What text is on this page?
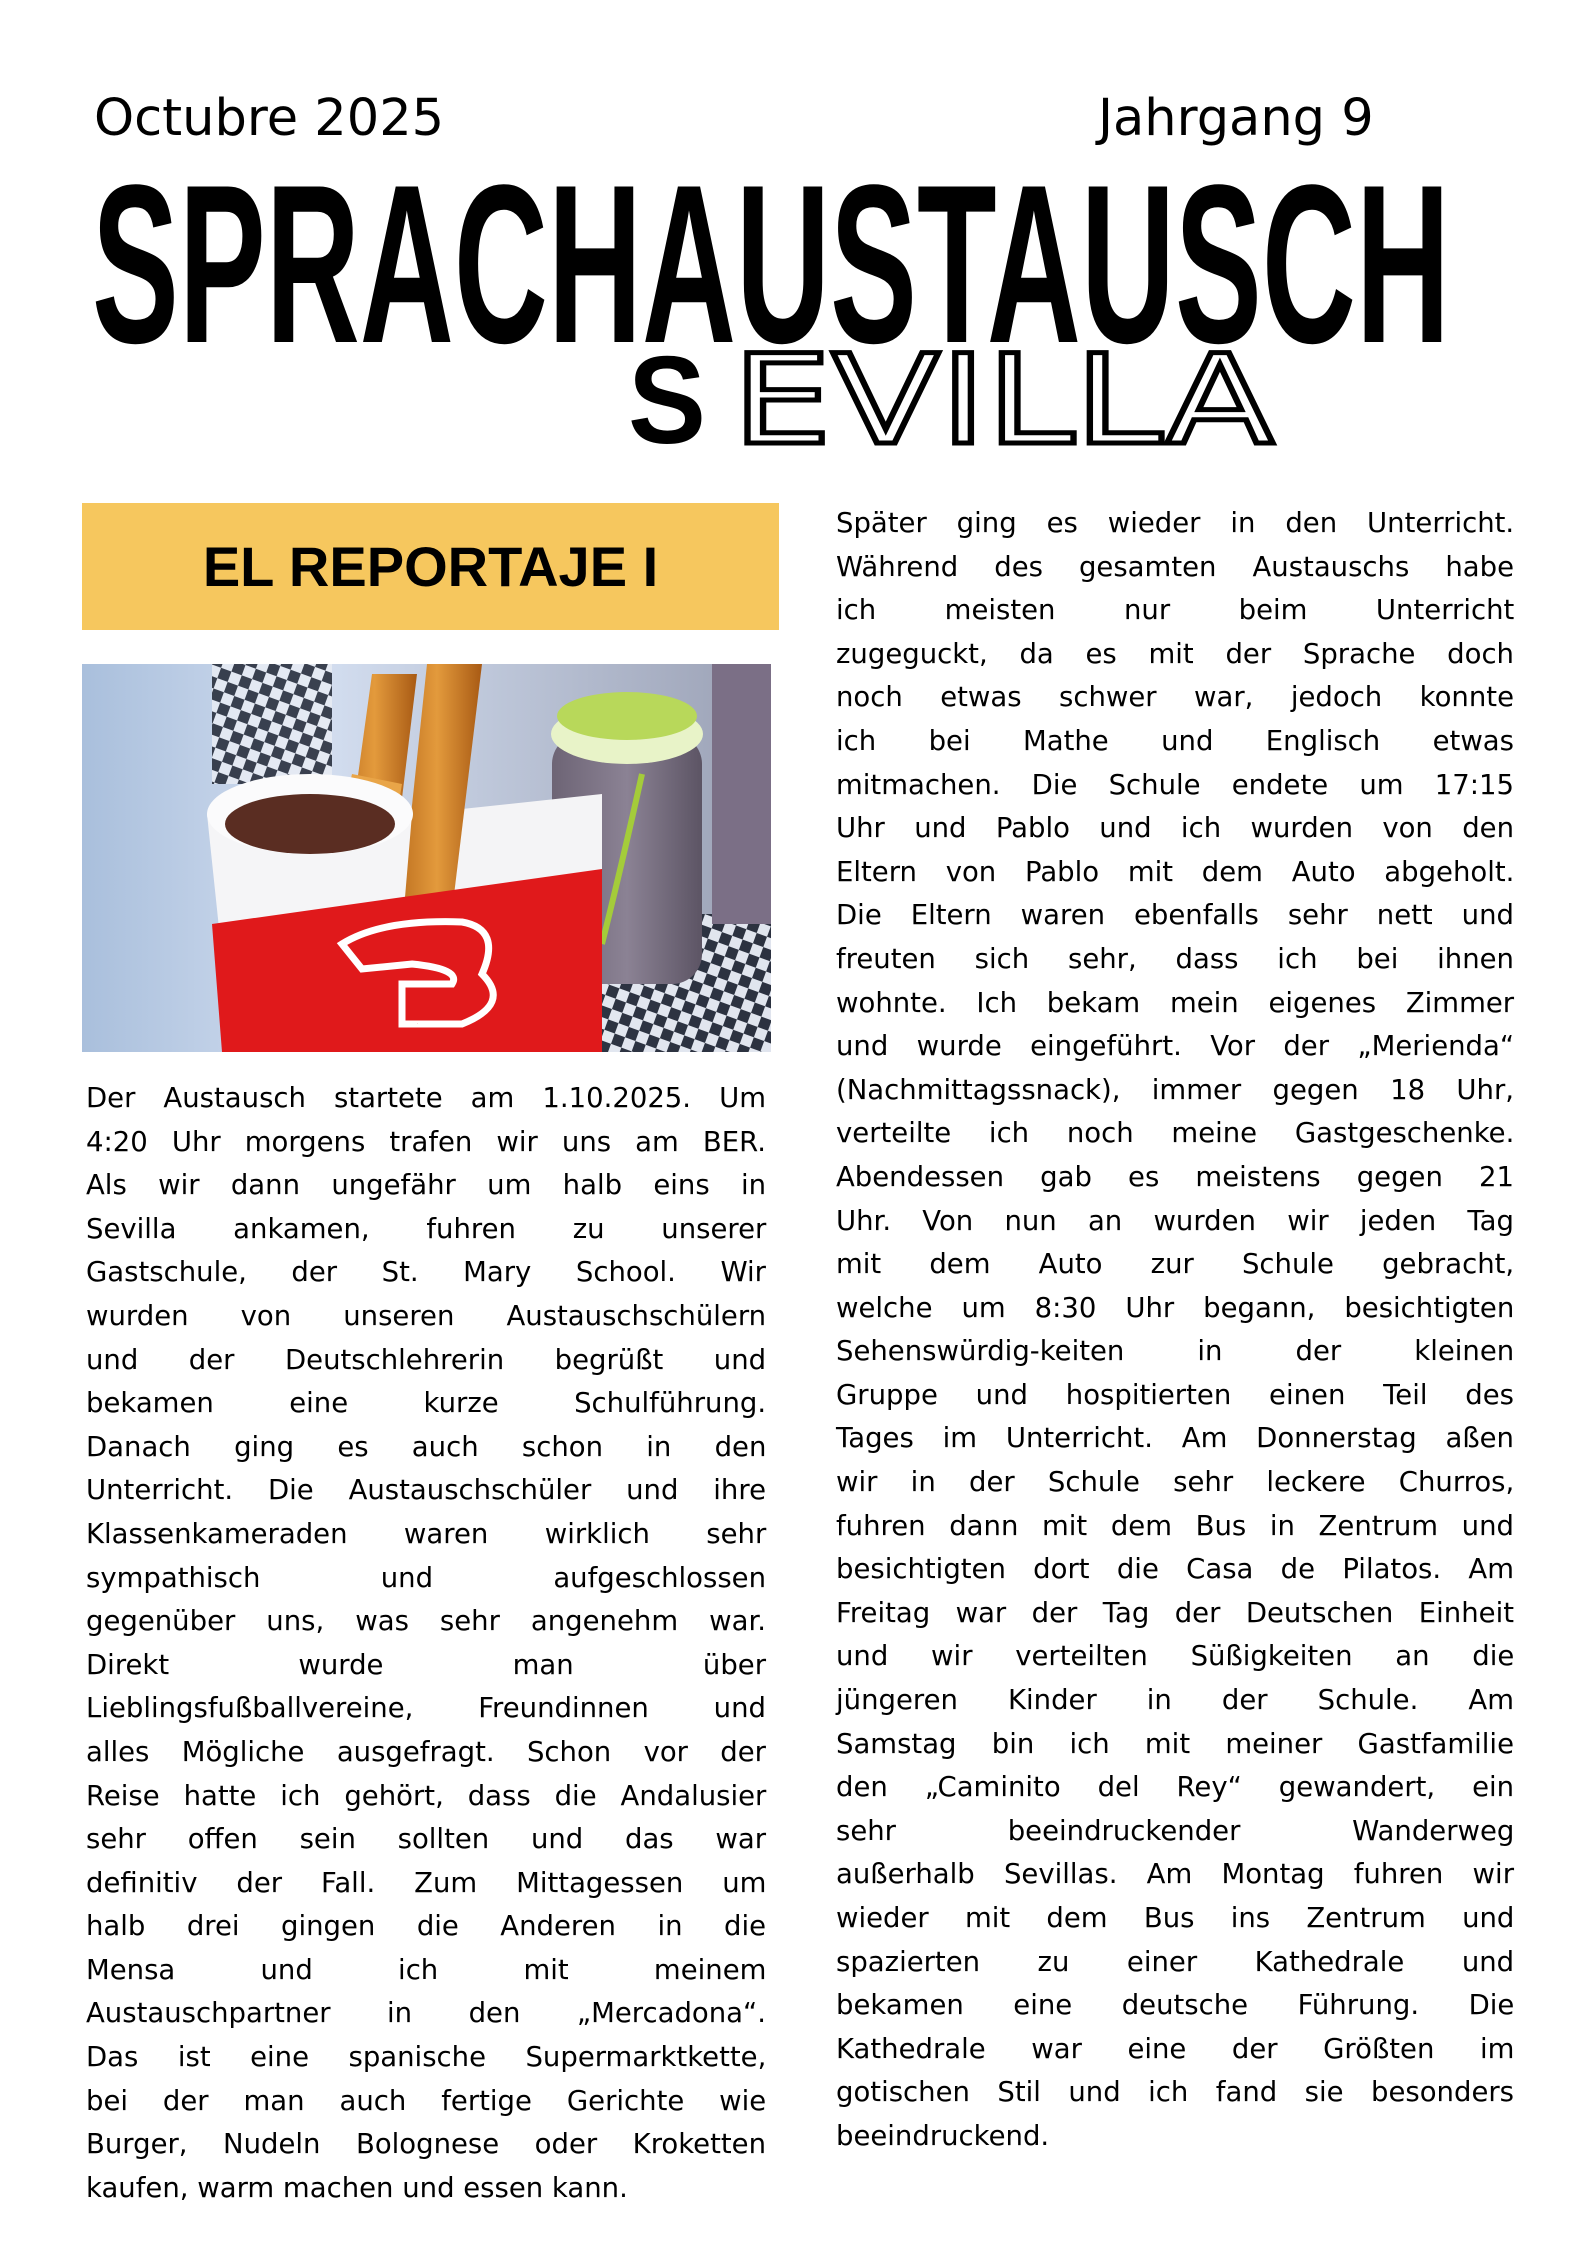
Octubre 2025	Jahrgang 9
SPRACHAUSTAUSCH
S EVILLA
EL REPORTAJE I
3
Der Austausch startete am 1.10.2025. Um
4:20 Uhr morgens trafen wir uns am BER.
Als wir dann ungefähr um halb eins in
Sevilla ankamen, fuhren zu unserer
Gastschule, der St. Mary School. Wir
wurden von unseren Austauschschülern
und der Deutschlehrerin begrüßt und
bekamen eine kurze Schulführung.
Danach ging es auch schon in den
Unterricht. Die Austauschschüler und ihre
Klassenkameraden waren wirklich sehr
sympathisch und aufgeschlossen
gegenüber uns, was sehr angenehm war.
Direkt wurde man über
Lieblingsfußballvereine, Freundinnen und
alles Mögliche ausgefragt. Schon vor der
Reise hatte ich gehört, dass die Andalusier
sehr offen sein sollten und das war
definitiv der Fall. Zum Mittagessen um
halb drei gingen die Anderen in die
Mensa und ich mit meinem
Austauschpartner in den „Mercadona“.
Das ist eine spanische Supermarktkette,
bei der man auch fertige Gerichte wie
Burger, Nudeln Bolognese oder Kroketten
kaufen, warm machen und essen kann.
Später ging es wieder in den Unterricht.
Während des gesamten Austauschs habe
ich meisten nur beim Unterricht
zugeguckt, da es mit der Sprache doch
noch etwas schwer war, jedoch konnte
ich bei Mathe und Englisch etwas
mitmachen. Die Schule endete um 17:15
Uhr und Pablo und ich wurden von den
Eltern von Pablo mit dem Auto abgeholt.
Die Eltern waren ebenfalls sehr nett und
freuten sich sehr, dass ich bei ihnen
wohnte. Ich bekam mein eigenes Zimmer
und wurde eingeführt. Vor der „Merienda“
(Nachmittagssnack), immer gegen 18 Uhr,
verteilte ich noch meine Gastgeschenke.
Abendessen gab es meistens gegen 21
Uhr. Von nun an wurden wir jeden Tag
mit dem Auto zur Schule gebracht,
welche um 8:30 Uhr begann, besichtigten
Sehenswürdig-keiten in der kleinen
Gruppe und hospitierten einen Teil des
Tages im Unterricht. Am Donnerstag aßen
wir in der Schule sehr leckere Churros,
fuhren dann mit dem Bus in Zentrum und
besichtigten dort die Casa de Pilatos. Am
Freitag war der Tag der Deutschen Einheit
und wir verteilten Süßigkeiten an die
jüngeren Kinder in der Schule. Am
Samstag bin ich mit meiner Gastfamilie
den „Caminito del Rey“ gewandert, ein
sehr beeindruckender Wanderweg
außerhalb Sevillas. Am Montag fuhren wir
wieder mit dem Bus ins Zentrum und
spazierten zu einer Kathedrale und
bekamen eine deutsche Führung. Die
Kathedrale war eine der Größten im
gotischen Stil und ich fand sie besonders
beeindruckend.
